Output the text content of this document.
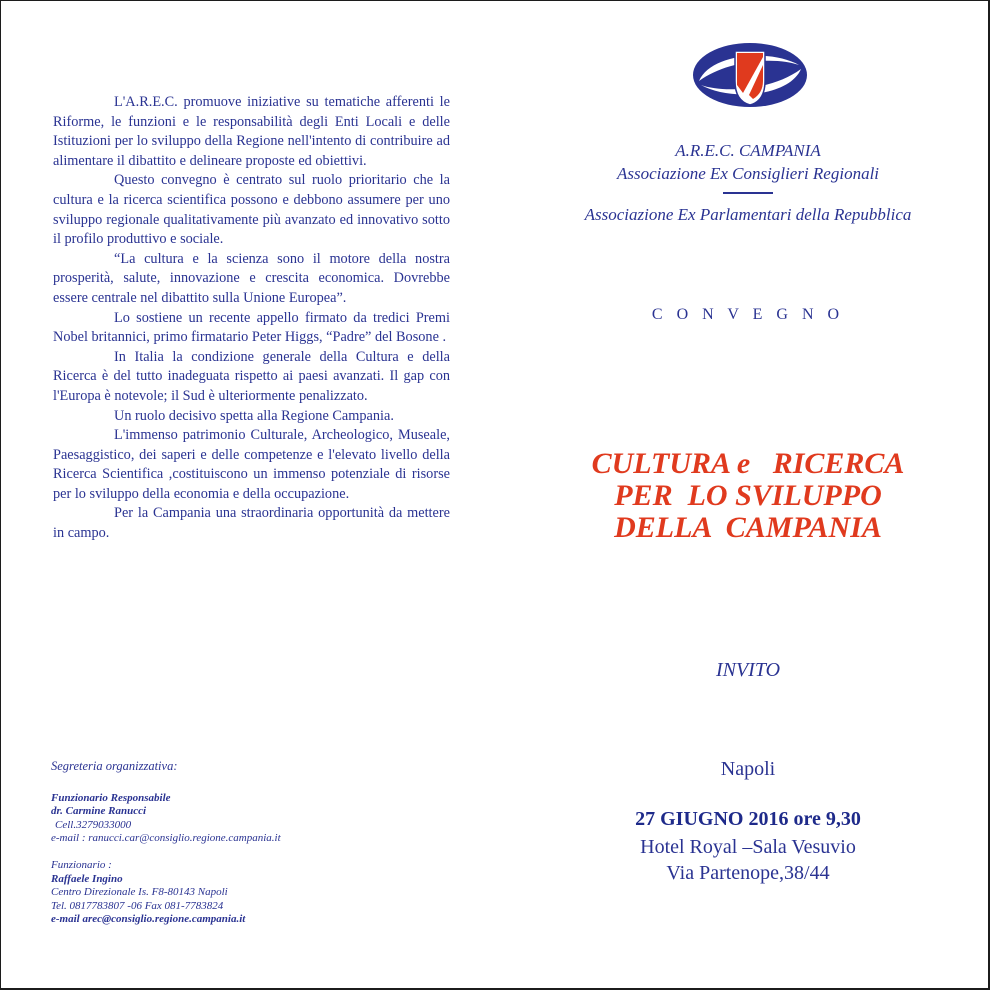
L'A.R.E.C. promuove iniziative su tematiche afferenti le Riforme, le funzioni e le responsabilità degli Enti Locali e delle Istituzioni per lo sviluppo della Regione nell'intento di contribuire ad alimentare il dibattito e delineare proposte ed obiettivi.

Questo convegno è centrato sul ruolo prioritario che la cultura e la ricerca scientifica possono e debbono assumere per uno sviluppo regionale qualitativamente più avanzato ed innovativo sotto il profilo produttivo e sociale.

“La cultura e la scienza sono il motore della nostra prosperità, salute, innovazione e crescita economica. Dovrebbe essere centrale nel dibattito sulla Unione Europea”.

Lo sostiene un recente appello firmato da tredici Premi Nobel britannici, primo firmatario Peter Higgs, “Padre” del Bosone .

In Italia la condizione generale della Cultura e della Ricerca è del tutto inadeguata rispetto ai paesi avanzati. Il gap con l'Europa è notevole; il Sud è ulteriormente penalizzato.

Un ruolo decisivo spetta alla Regione Campania.

L'immenso patrimonio Culturale, Archeologico, Museale, Paesaggistico, dei saperi e delle competenze e l'elevato livello della Ricerca Scientifica ,costituiscono un immenso potenziale di risorse per lo sviluppo della economia e della occupazione.

Per la Campania una straordinaria opportunità da mettere in campo.

Segreteria organizzativa:
Funzionario Responsabile
dr. Carmine Ranucci
Cell.3279033000
e-mail : ranucci.car@consiglio.regione.campania.it
Funzionario :
Raffaele Ingino
Centro Direzionale Is. F8-80143 Napoli
Tel. 0817783807 -06 Fax 081-7783824
e-mail arec@consiglio.regione.campania.it
A.R.E.C. CAMPANIA
Associazione Ex Consiglieri Regionali
Associazione Ex Parlamentari della Repubblica
C O N V E G N O
CULTURA e   RICERCA
PER  LO SVILUPPO
DELLA  CAMPANIA
INVITO
Napoli
27 GIUGNO 2016 ore 9,30
Hotel Royal –Sala Vesuvio
Via Partenope,38/44
